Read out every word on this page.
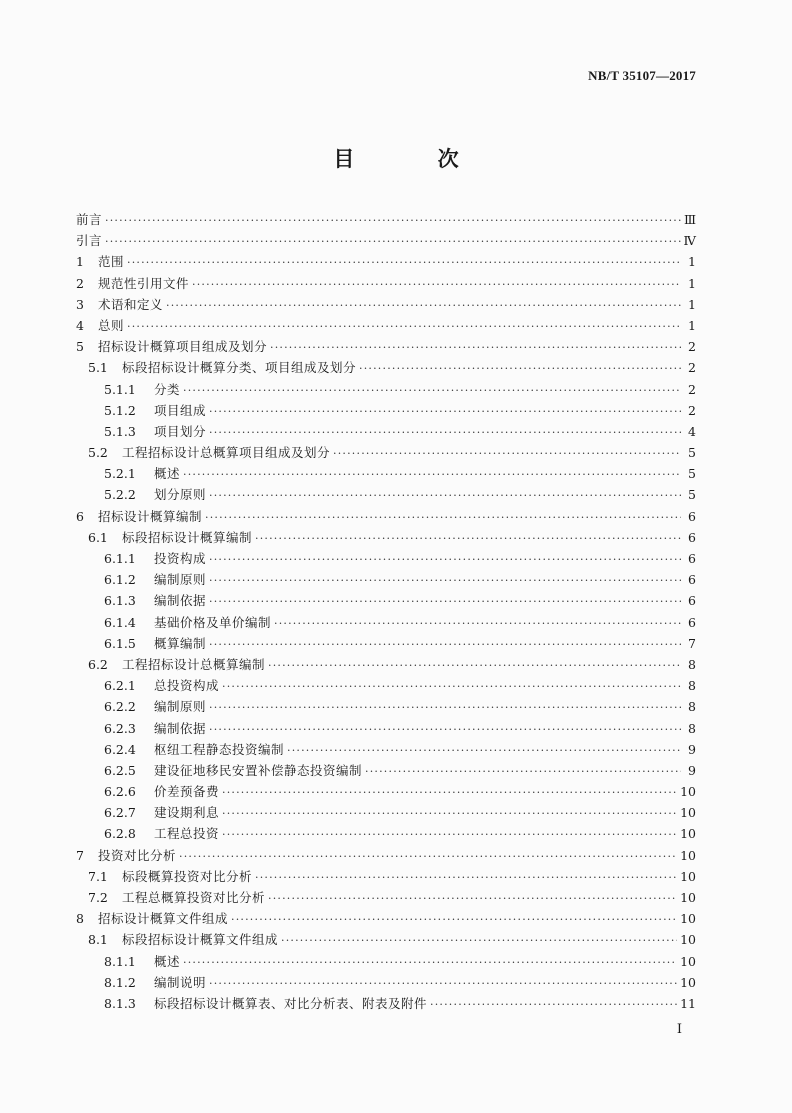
NB/T 35107—2017
目 次
前言 ·····	Ⅲ
引言 ·····	Ⅳ
1	范围 ·····	1
2	规范性引用文件 ·····	1
3	术语和定义 ·····	1
4	总则 ·····	1
5	招标设计概算项目组成及划分 ·····	2
5.1	标段招标设计概算分类、项目组成及划分 ·····	2
5.1.1	分类 ·····	2
5.1.2	项目组成 ·····	2
5.1.3	项目划分 ·····	4
5.2	工程招标设计总概算项目组成及划分 ·····	5
5.2.1	概述 ·····	5
5.2.2	划分原则 ·····	5
6	招标设计概算编制 ·····	6
6.1	标段招标设计概算编制 ·····	6
6.1.1	投资构成 ·····	6
6.1.2	编制原则 ·····	6
6.1.3	编制依据 ·····	6
6.1.4	基础价格及单价编制 ·····	6
6.1.5	概算编制 ·····	7
6.2	工程招标设计总概算编制 ·····	8
6.2.1	总投资构成 ·····	8
6.2.2	编制原则 ·····	8
6.2.3	编制依据 ·····	8
6.2.4	枢纽工程静态投资编制 ·····	9
6.2.5	建设征地移民安置补偿静态投资编制 ·····	9
6.2.6	价差预备费 ·····	10
6.2.7	建设期利息 ·····	10
6.2.8	工程总投资 ·····	10
7	投资对比分析 ·····	10
7.1	标段概算投资对比分析 ·····	10
7.2	工程总概算投资对比分析 ·····	10
8	招标设计概算文件组成 ·····	10
8.1	标段招标设计概算文件组成 ·····	10
8.1.1	概述 ·····	10
8.1.2	编制说明 ·····	10
8.1.3	标段招标设计概算表、对比分析表、附表及附件 ·····	11
I
